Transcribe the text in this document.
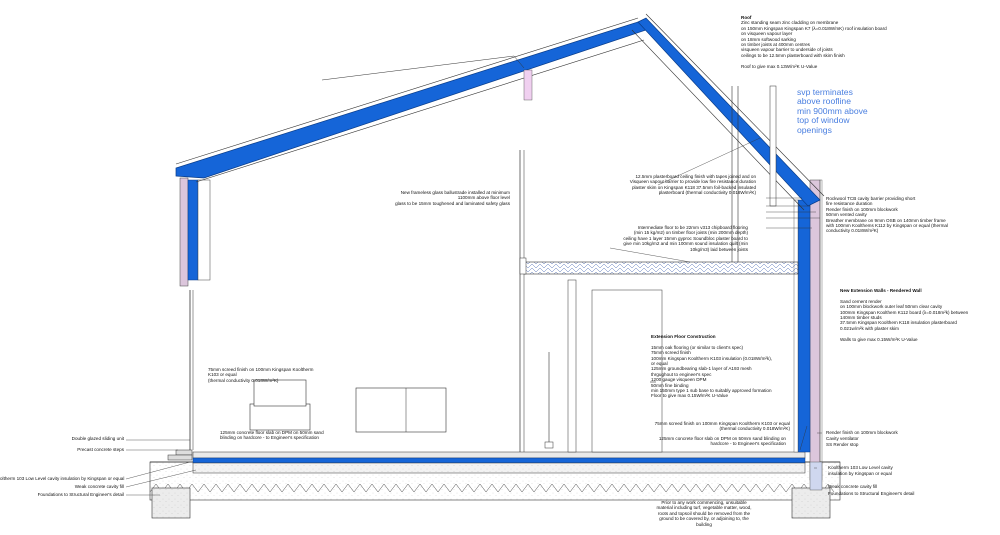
Roof
Zinc standing seam zinc cladding on membrane
on 150mm Kingspan Kingspan K7 (λ=0.018W/mK) roof insulation board
on visqueen vapour layer
on 18mm softwood sarking
on timber joists at 400mm centres
visqueen vapour barrier to underside of joists
ceilings to be 12.5mm plasterboard with skim finish

Roof to give max 0.13W/m²K U-Value
svp terminates
above roofline
min 900mm above
top of window
openings
12.5mm plasterboard ceiling finish with tapes joined and on
Visqueen vapour barrier to provide low fire resistance duration
plaster skim on Kingspan K118 37.5mm foil-backed insulated
plasterboard (thermal conductivity 0.018W/m²K)
New frameless glass ballustrade installed at minimum
1100mm above floor level
glass to be 15mm toughened and laminated safety glass
Intermediate floor to be 22mm v313 chipboard flooring
(min 15 kg/m2) on timber floor joists (min 200mm depth)
ceiling have 1 layer 15mm gyproc Soundbloc plaster board to
give min 10kg/m2 and min 100mm sound insulation quilt (min
10kg/m3) laid between joists
Rockwool TCB cavity barrier providing short
fire resistance duration
Render finish on 100mm blockwork
50mm vented cavity
Breather membrane on 9mm OSB on 140mm timber frame
with 100mm Koolthems K112 by Kingspan or equal (thermal
conductivity 0.018W/m²K)
New Extension Walls - Rendered Wall

Sand cement render
on 100mm blockwork outer leaf 50mm clear cavity
100mm Kingspan Koolthem K112 board (λ=0.018m²k) between
140mm timber studs
37.5mm Kingspan Koolthem K118 insulation plasterboard
0.021w/m²k with plaster skim

Walls to give max 0.15W/m²K U-Value
Extension Floor Construction

15mm oak flooring (or similar to client's spec)
75mm screed finish
100mm Kingspan Kooltherm K103 insulation (0.018W/m²k),
or equal
125mm groundbearing slab-1 layer of A193 mesh
thrgughout to engineer's spec
1200 gauge visqueen DPM
50mm fine binding
min 150mm type 1 sub base to suitably approved formation
Floor to give max 0.15W/m²K U-Value
75mm screed finish on 100mm Kingspan Kooltherm
K103 or equal
(thermal conductivity 0.018W/m²K)
125mm concrete floor slab on DPM on 50mm sand
blinding on hardcore - to Engineer's specification
75mm screed finish on 100mm Kingspan Kooltherm K103 or equal
(thermal conductivity 0.018W/m²K)
125mm concrete floor slab on DPM on 50mm sand blinding on
hardcore - to Engineer's specification
Double glazed sliding unit
Precast concrete steps
oltherm 103 Low Level cavity insulation by Kingspan or equal
Weak concrete cavity fill
Foundations to Structural Engineer's detail
Render finish on 100mm blockwork
Cavity ventilator
SS Render stop
Kooltherm 103 Low Level cavity
insulation by Kingspan or equal
Weak concrete cavity fill
Foundations to Structural Engineer's detail
Prior to any work commencing, unsuitable
material including turf, vegetable matter, wood,
roots and topsoil should be removed from the
ground to be covered by, or adjoining to, the
building
